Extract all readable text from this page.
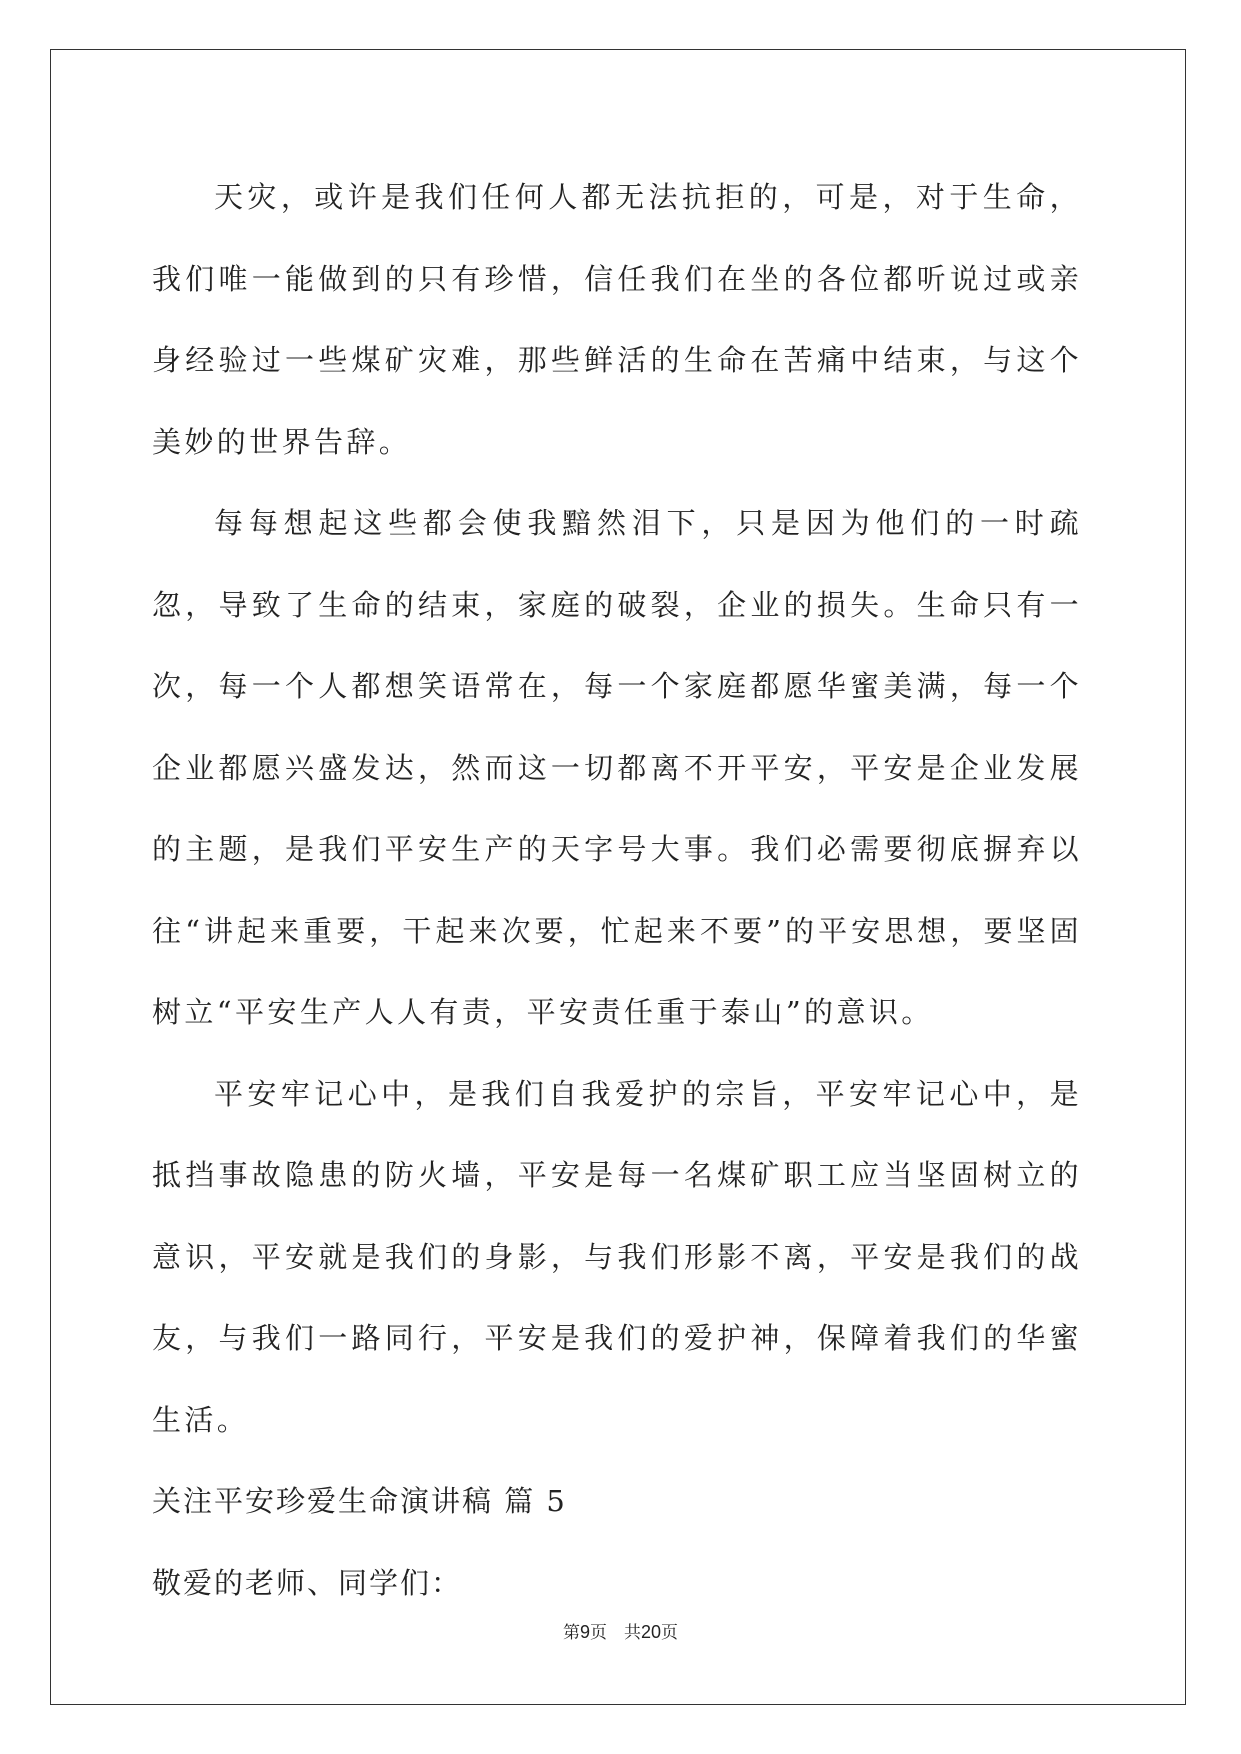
天灾，或许是我们任何人都无法抗拒的，可是，对于生命，我们唯一能做到的只有珍惜，信任我们在坐的各位都听说过或亲身经验过一些煤矿灾难，那些鲜活的生命在苦痛中结束，与这个美妙的世界告辞。

每每想起这些都会使我黯然泪下，只是因为他们的一时疏忽，导致了生命的结束，家庭的破裂，企业的损失。生命只有一次，每一个人都想笑语常在，每一个家庭都愿华蜜美满，每一个企业都愿兴盛发达，然而这一切都离不开平安，平安是企业发展的主题，是我们平安生产的天字号大事。我们必需要彻底摒弃以往“讲起来重要，干起来次要，忙起来不要”的平安思想，要坚固树立“平安生产人人有责，平安责任重于泰山”的意识。

平安牢记心中，是我们自我爱护的宗旨，平安牢记心中，是抵挡事故隐患的防火墙，平安是每一名煤矿职工应当坚固树立的意识，平安就是我们的身影，与我们形影不离，平安是我们的战友，与我们一路同行，平安是我们的爱护神，保障着我们的华蜜生活。

关注平安珍爱生命演讲稿 篇 5

敬爱的老师、同学们：

第9页　共20页
